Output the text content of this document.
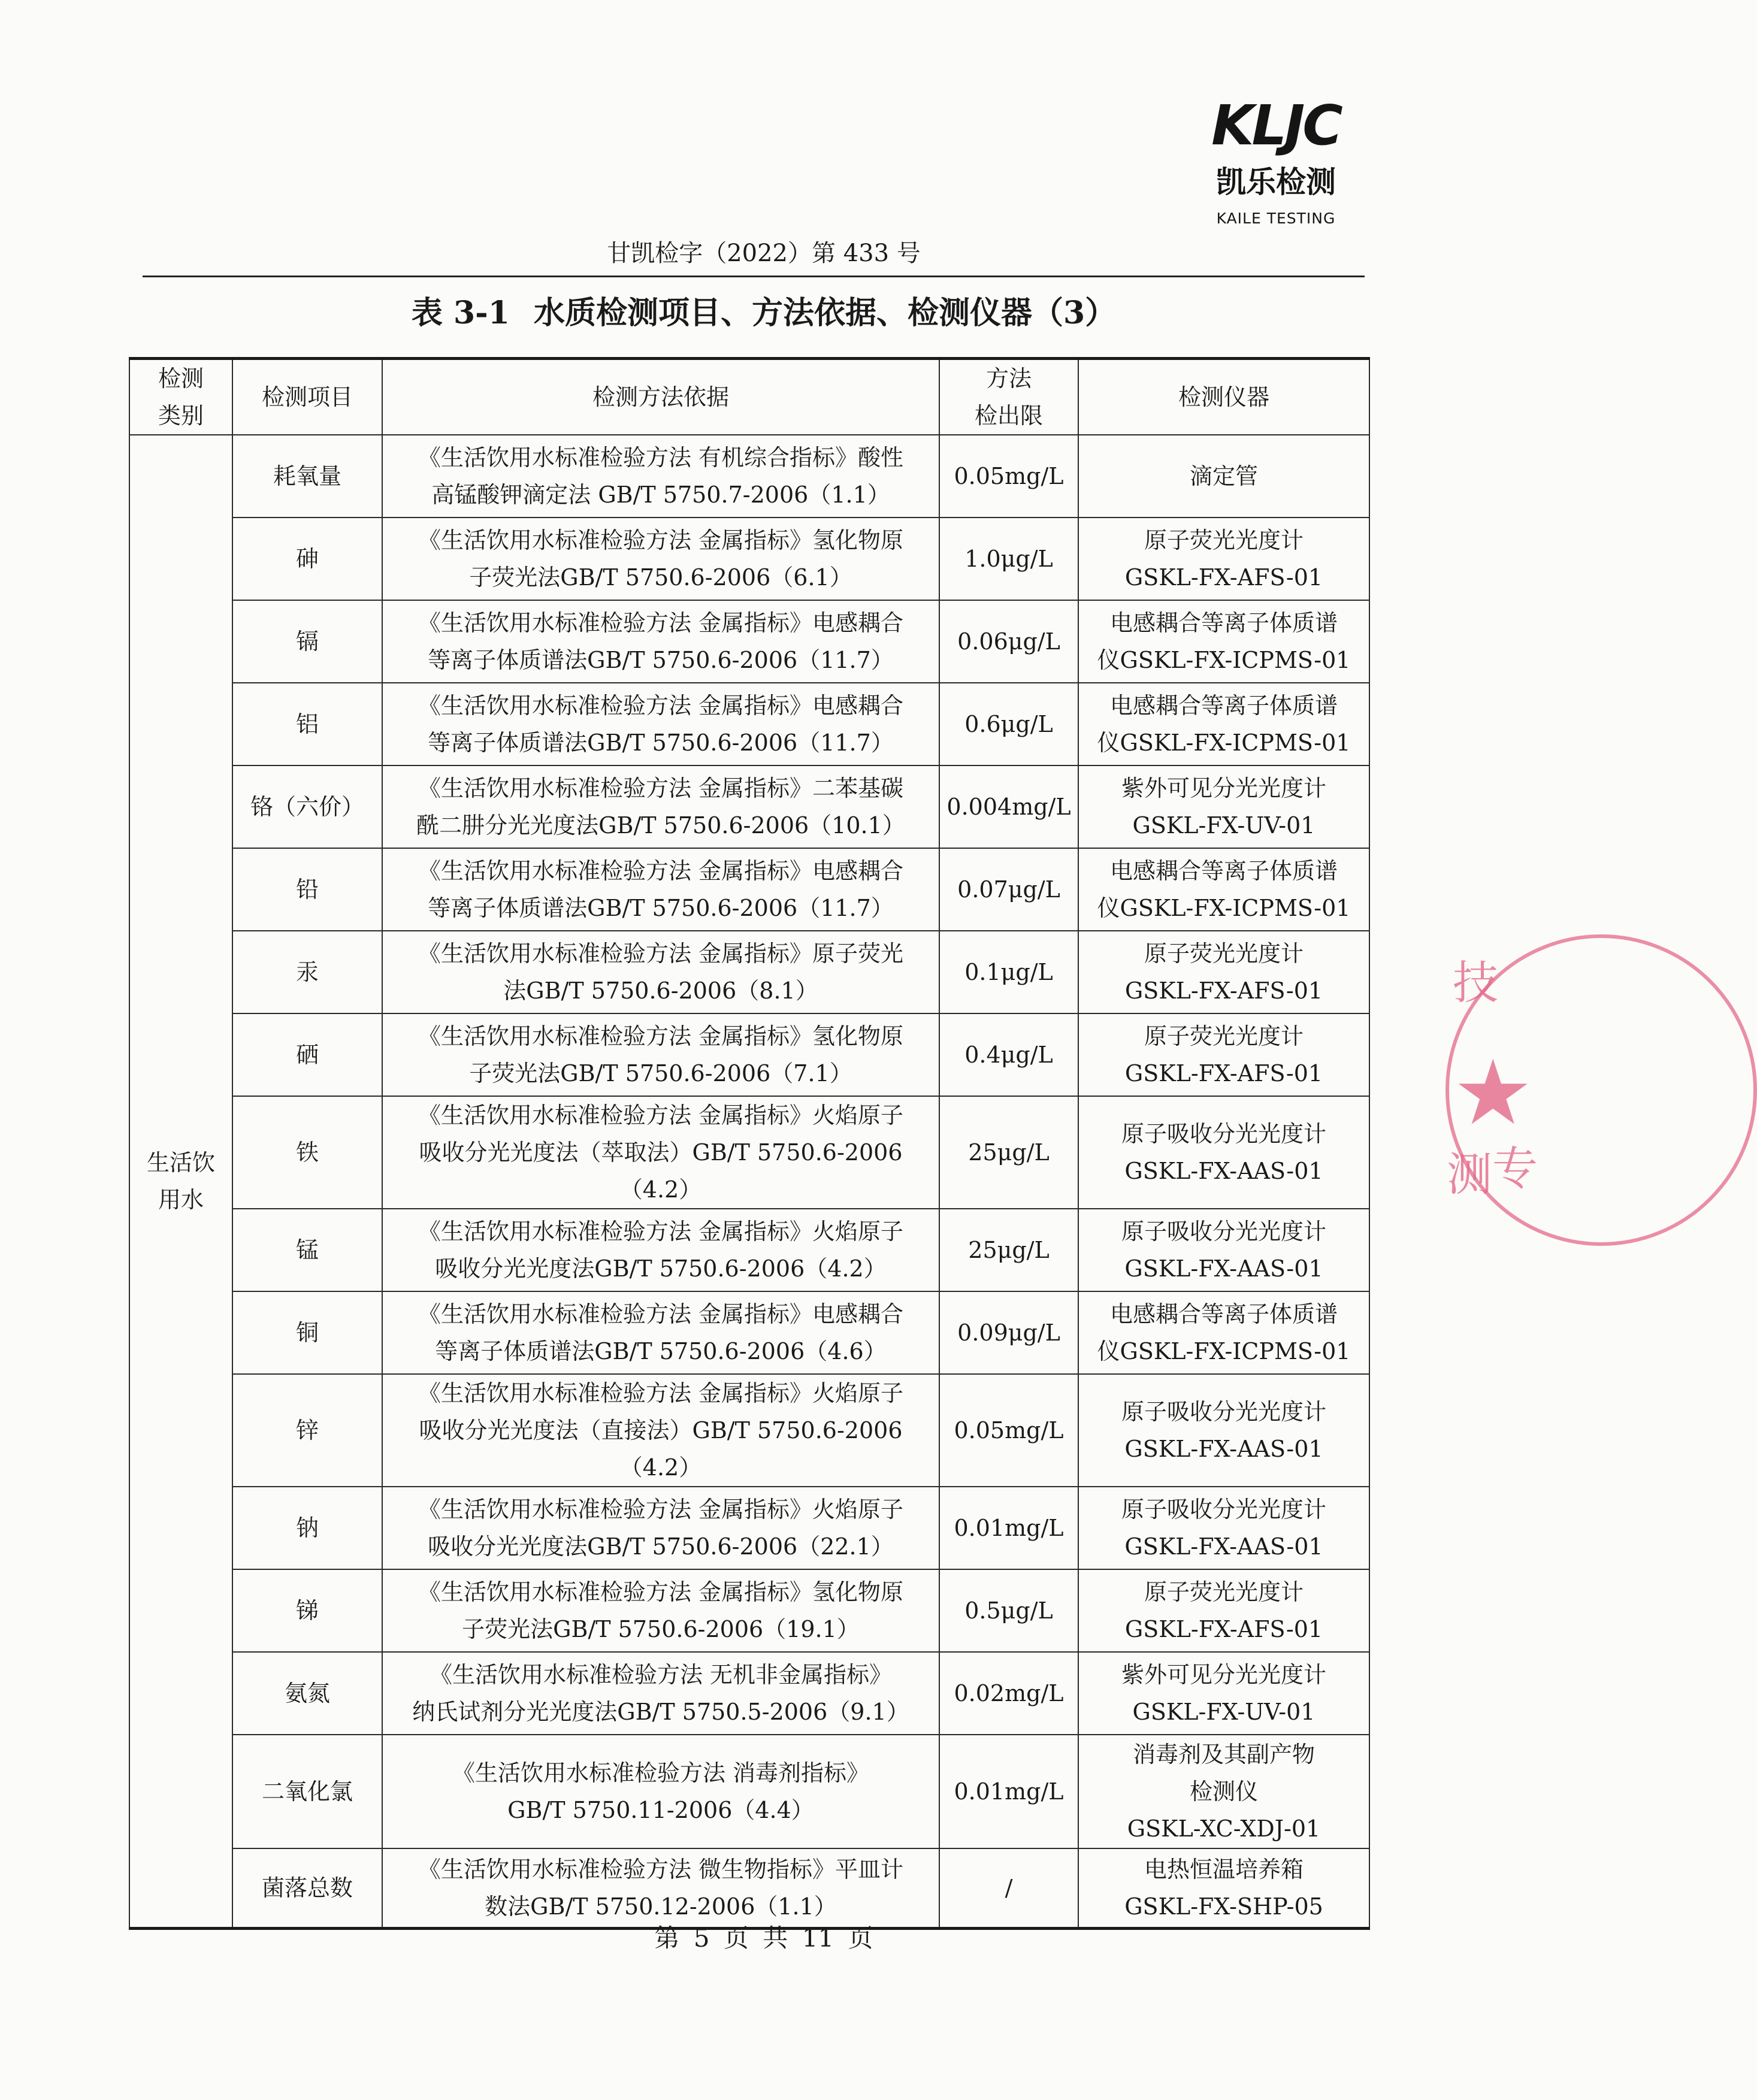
KLJC
凯乐检测
KAILE TESTING
甘凯检字（2022）第 433 号
表 3-1 水质检测项目、方法依据、检测仪器（3）
检测
类别	检测项目	检测方法依据	方法
检出限	检测仪器
生活饮
用水	耗氧量	《生活饮用水标准检验方法 有机综合指标》酸性
高锰酸钾滴定法 GB/T 5750.7-2006（1.1）	0.05mg/L	滴定管
	砷	《生活饮用水标准检验方法 金属指标》氢化物原
子荧光法GB/T 5750.6-2006（6.1）	1.0μg/L	原子荧光光度计
GSKL-FX-AFS-01
	镉	《生活饮用水标准检验方法 金属指标》电感耦合
等离子体质谱法GB/T 5750.6-2006（11.7）	0.06μg/L	电感耦合等离子体质谱
仪GSKL-FX-ICPMS-01
	铝	《生活饮用水标准检验方法 金属指标》电感耦合
等离子体质谱法GB/T 5750.6-2006（11.7）	0.6μg/L	电感耦合等离子体质谱
仪GSKL-FX-ICPMS-01
	铬（六价）	《生活饮用水标准检验方法 金属指标》二苯基碳
酰二肼分光光度法GB/T 5750.6-2006（10.1）	0.004mg/L	紫外可见分光光度计
GSKL-FX-UV-01
	铅	《生活饮用水标准检验方法 金属指标》电感耦合
等离子体质谱法GB/T 5750.6-2006（11.7）	0.07μg/L	电感耦合等离子体质谱
仪GSKL-FX-ICPMS-01
	汞	《生活饮用水标准检验方法 金属指标》原子荧光
法GB/T 5750.6-2006（8.1）	0.1μg/L	原子荧光光度计
GSKL-FX-AFS-01
	硒	《生活饮用水标准检验方法 金属指标》氢化物原
子荧光法GB/T 5750.6-2006（7.1）	0.4μg/L	原子荧光光度计
GSKL-FX-AFS-01
	铁	《生活饮用水标准检验方法 金属指标》火焰原子
吸收分光光度法（萃取法）GB/T 5750.6-2006（4.2）	25μg/L	原子吸收分光光度计
GSKL-FX-AAS-01
	锰	《生活饮用水标准检验方法 金属指标》火焰原子
吸收分光光度法GB/T 5750.6-2006（4.2）	25μg/L	原子吸收分光光度计
GSKL-FX-AAS-01
	铜	《生活饮用水标准检验方法 金属指标》电感耦合
等离子体质谱法GB/T 5750.6-2006（4.6）	0.09μg/L	电感耦合等离子体质谱
仪GSKL-FX-ICPMS-01
	锌	《生活饮用水标准检验方法 金属指标》火焰原子
吸收分光光度法（直接法）GB/T 5750.6-2006（4.2）	0.05mg/L	原子吸收分光光度计
GSKL-FX-AAS-01
	钠	《生活饮用水标准检验方法 金属指标》火焰原子
吸收分光光度法GB/T 5750.6-2006（22.1）	0.01mg/L	原子吸收分光光度计
GSKL-FX-AAS-01
	锑	《生活饮用水标准检验方法 金属指标》氢化物原
子荧光法GB/T 5750.6-2006（19.1）	0.5μg/L	原子荧光光度计
GSKL-FX-AFS-01
	氨氮	《生活饮用水标准检验方法 无机非金属指标》
纳氏试剂分光光度法GB/T 5750.5-2006（9.1）	0.02mg/L	紫外可见分光光度计
GSKL-FX-UV-01
	二氧化氯	《生活饮用水标准检验方法 消毒剂指标》
GB/T 5750.11-2006（4.4）	0.01mg/L	消毒剂及其副产物
检测仪
GSKL-XC-XDJ-01
	菌落总数	《生活饮用水标准检验方法 微生物指标》平皿计
数法GB/T 5750.12-2006（1.1）	/	电热恒温培养箱
GSKL-FX-SHP-05
第 5 页 共 11 页
技
★
测 专
